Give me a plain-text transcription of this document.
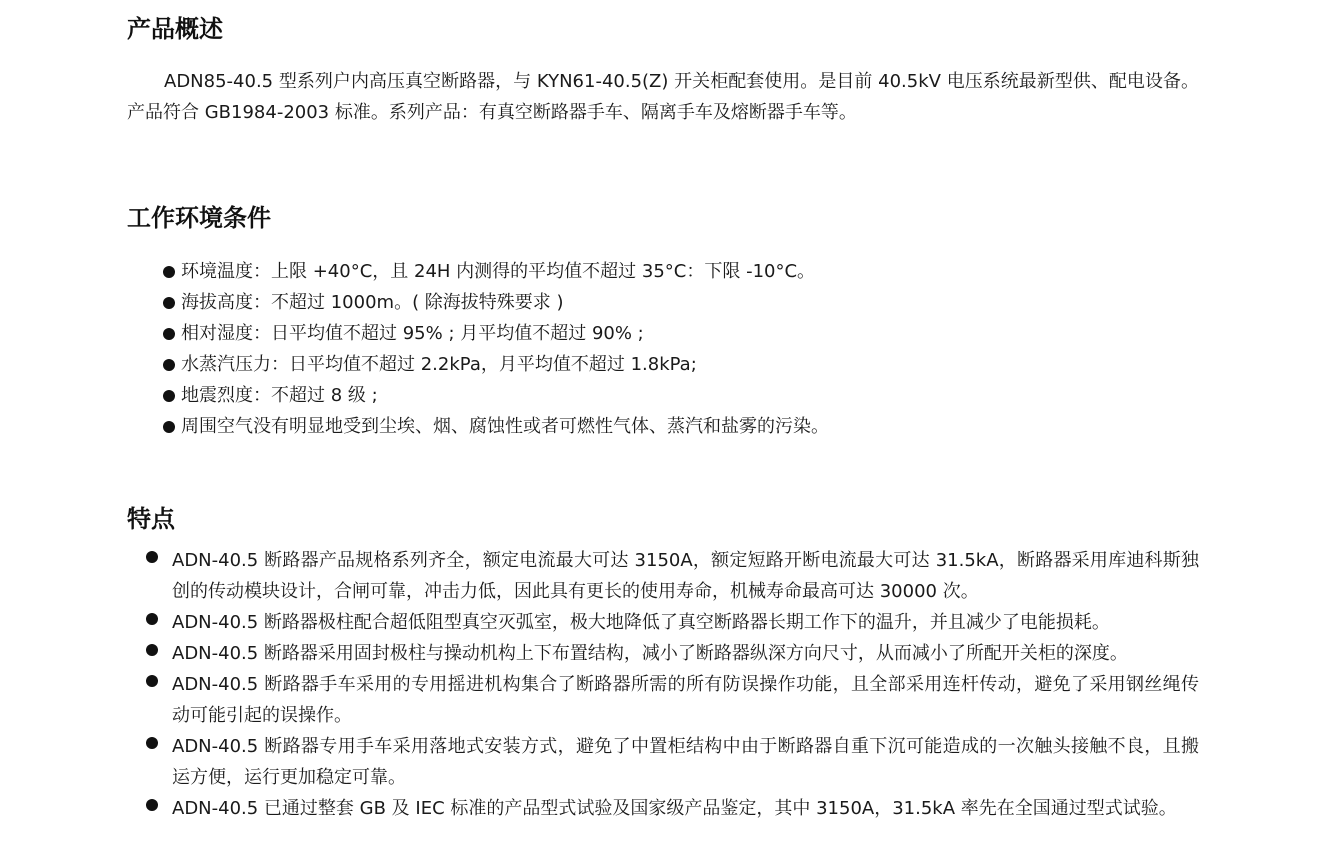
产品概述

ADN85-40.5 型系列户内高压真空断路器，与 KYN61-40.5(Z) 开关柜配套使用。是目前 40.5kV 电压系统最新型供、配电设备。产品符合 GB1984-2003 标准。系列产品：有真空断路器手车、隔离手车及熔断器手车等。

工作环境条件
环境温度：上限 +40°C，且 24H 内测得的平均值不超过 35°C：下限 -10°C。
海拔高度：不超过 1000m。( 除海拔特殊要求 )
相对湿度：日平均值不超过 95% ; 月平均值不超过 90% ;
水蒸汽压力：日平均值不超过 2.2kPa，月平均值不超过 1.8kPa;
地震烈度：不超过 8 级 ;
周围空气没有明显地受到尘埃、烟、腐蚀性或者可燃性气体、蒸汽和盐雾的污染。
特点
ADN-40.5 断路器产品规格系列齐全，额定电流最大可达 3150A，额定短路开断电流最大可达 31.5kA，断路器采用库迪科斯独创的传动模块设计，合闸可靠，冲击力低，因此具有更长的使用寿命，机械寿命最高可达 30000 次。
ADN-40.5 断路器极柱配合超低阻型真空灭弧室，极大地降低了真空断路器长期工作下的温升，并且减少了电能损耗。
ADN-40.5 断路器采用固封极柱与操动机构上下布置结构，减小了断路器纵深方向尺寸，从而减小了所配开关柜的深度。
ADN-40.5 断路器手车采用的专用摇进机构集合了断路器所需的所有防误操作功能，且全部采用连杆传动，避免了采用钢丝绳传动可能引起的误操作。
ADN-40.5 断路器专用手车采用落地式安装方式，避免了中置柜结构中由于断路器自重下沉可能造成的一次触头接触不良，且搬运方便，运行更加稳定可靠。
ADN-40.5 已通过整套 GB 及 IEC 标准的产品型式试验及国家级产品鉴定，其中 3150A，31.5kA 率先在全国通过型式试验。
